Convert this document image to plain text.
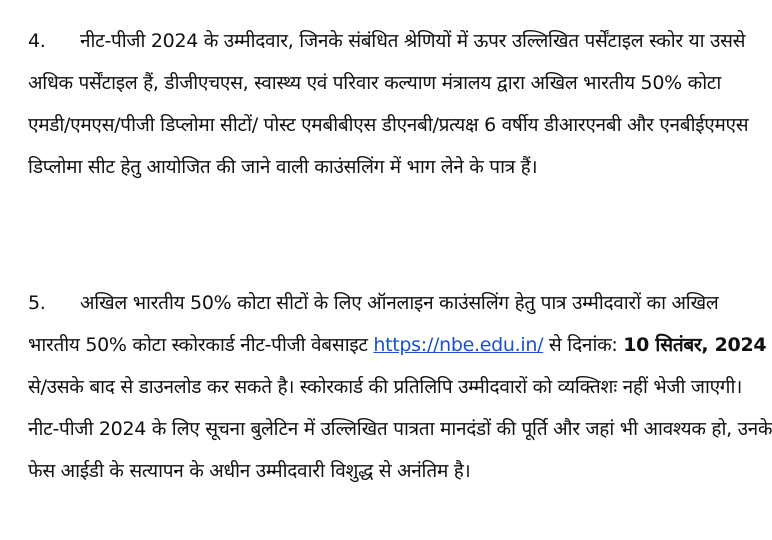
4. नीट-पीजी 2024 के उम्मीदवार, जिनके संबंधित श्रेणियों में ऊपर उल्लिखित पर्सेंटाइल स्कोर या उससे
अधिक पर्सेंटाइल हैं, डीजीएचएस, स्वास्थ्य एवं परिवार कल्याण मंत्रालय द्वारा अखिल भारतीय 50% कोटा
एमडी/एमएस/पीजी डिप्लोमा सीटों/ पोस्ट एमबीबीएस डीएनबी/प्रत्यक्ष 6 वर्षीय डीआरएनबी और एनबीईएमएस
डिप्लोमा सीट हेतु आयोजित की जाने वाली काउंसलिंग में भाग लेने के पात्र हैं।
5. अखिल भारतीय 50% कोटा सीटों के लिए ऑनलाइन काउंसलिंग हेतु पात्र उम्मीदवारों का अखिल
भारतीय 50% कोटा स्कोरकार्ड नीट-पीजी वेबसाइट https://nbe.edu.in/ से दिनांक: 10 सितंबर, 2024
से/उसके बाद से डाउनलोड कर सकते है। स्कोरकार्ड की प्रतिलिपि उम्मीदवारों को व्यक्तिशः नहीं भेजी जाएगी।
नीट-पीजी 2024 के लिए सूचना बुलेटिन में उल्लिखित पात्रता मानदंडों की पूर्ति और जहां भी आवश्यक हो, उनके
फेस आईडी के सत्यापन के अधीन उम्मीदवारी विशुद्ध से अनंतिम है।
